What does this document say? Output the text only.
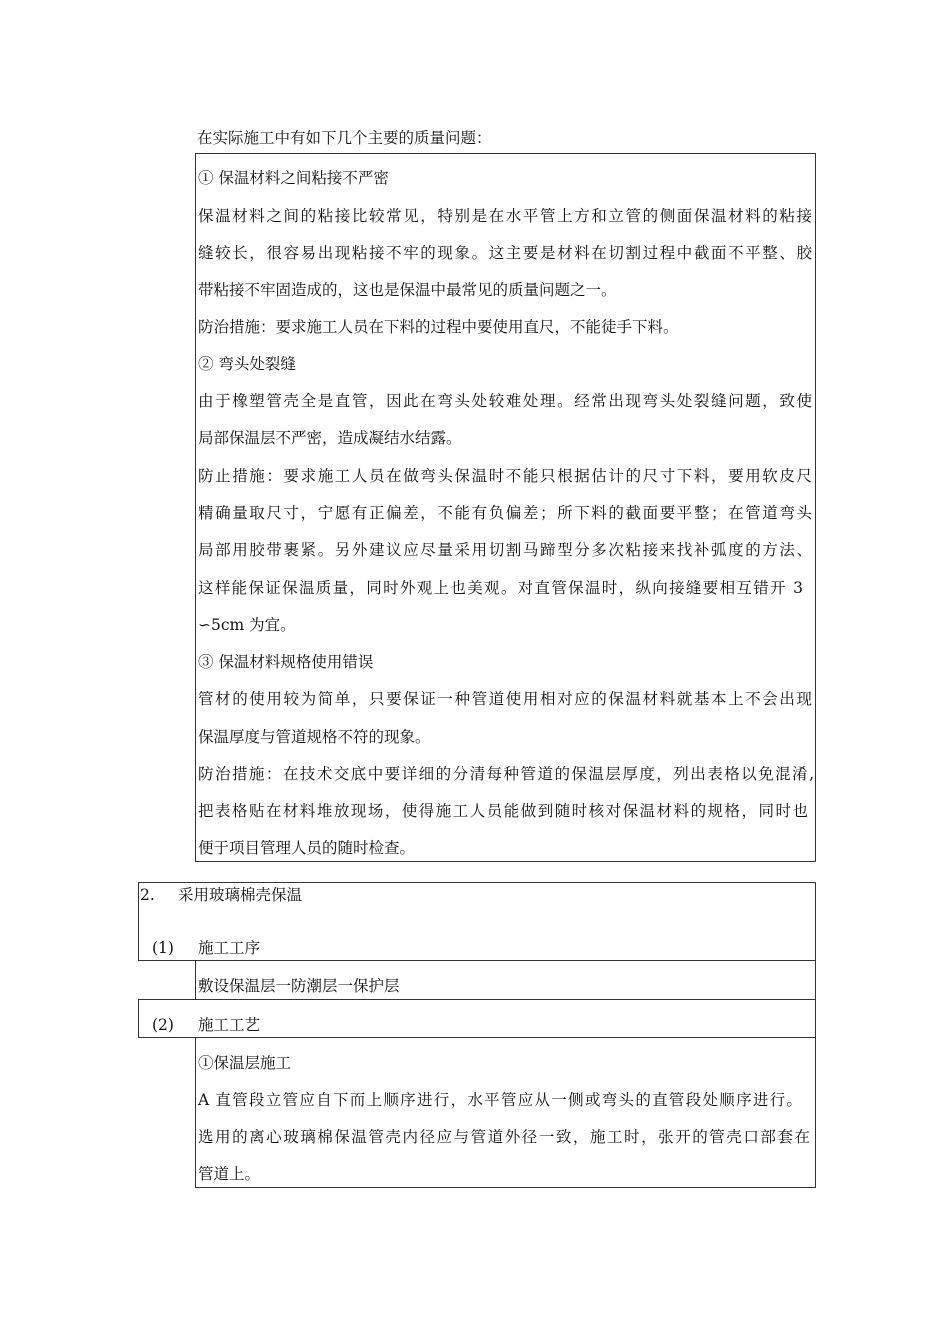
在实际施工中有如下几个主要的质量问题：
① 保温材料之间粘接不严密
保温材料之间的粘接比较常见，特别是在水平管上方和立管的侧面保温材料的粘接
缝较长，很容易出现粘接不牢的现象。这主要是材料在切割过程中截面不平整、胶
带粘接不牢固造成的，这也是保温中最常见的质量问题之一。
防治措施：要求施工人员在下料的过程中要使用直尺，不能徒手下料。
② 弯头处裂缝
由于橡塑管壳全是直管，因此在弯头处较难处理。经常出现弯头处裂缝问题，致使
局部保温层不严密，造成凝结水结露。
防止措施：要求施工人员在做弯头保温时不能只根据估计的尺寸下料，要用软皮尺
精确量取尺寸，宁愿有正偏差，不能有负偏差；所下料的截面要平整；在管道弯头
局部用胶带裹紧。另外建议应尽量采用切割马蹄型分多次粘接来找补弧度的方法、
这样能保证保温质量，同时外观上也美观。对直管保温时，纵向接缝要相互错开 3
∽5cm 为宜。
③ 保温材料规格使用错误
管材的使用较为简单，只要保证一种管道使用相对应的保温材料就基本上不会出现
保温厚度与管道规格不符的现象。
防治措施：在技术交底中要详细的分清每种管道的保温层厚度，列出表格以免混淆,
把表格贴在材料堆放现场，使得施工人员能做到随时核对保温材料的规格，同时也
便于项目管理人员的随时检查。
2. 采用玻璃棉壳保温
(1) 施工工序
敷设保温层一防潮层一保护层
(2) 施工工艺
①保温层施工
A 直管段立管应自下而上顺序进行，水平管应从一侧或弯头的直管段处顺序进行。
选用的离心玻璃棉保温管壳内径应与管道外径一致，施工时，张开的管壳口部套在
管道上。
